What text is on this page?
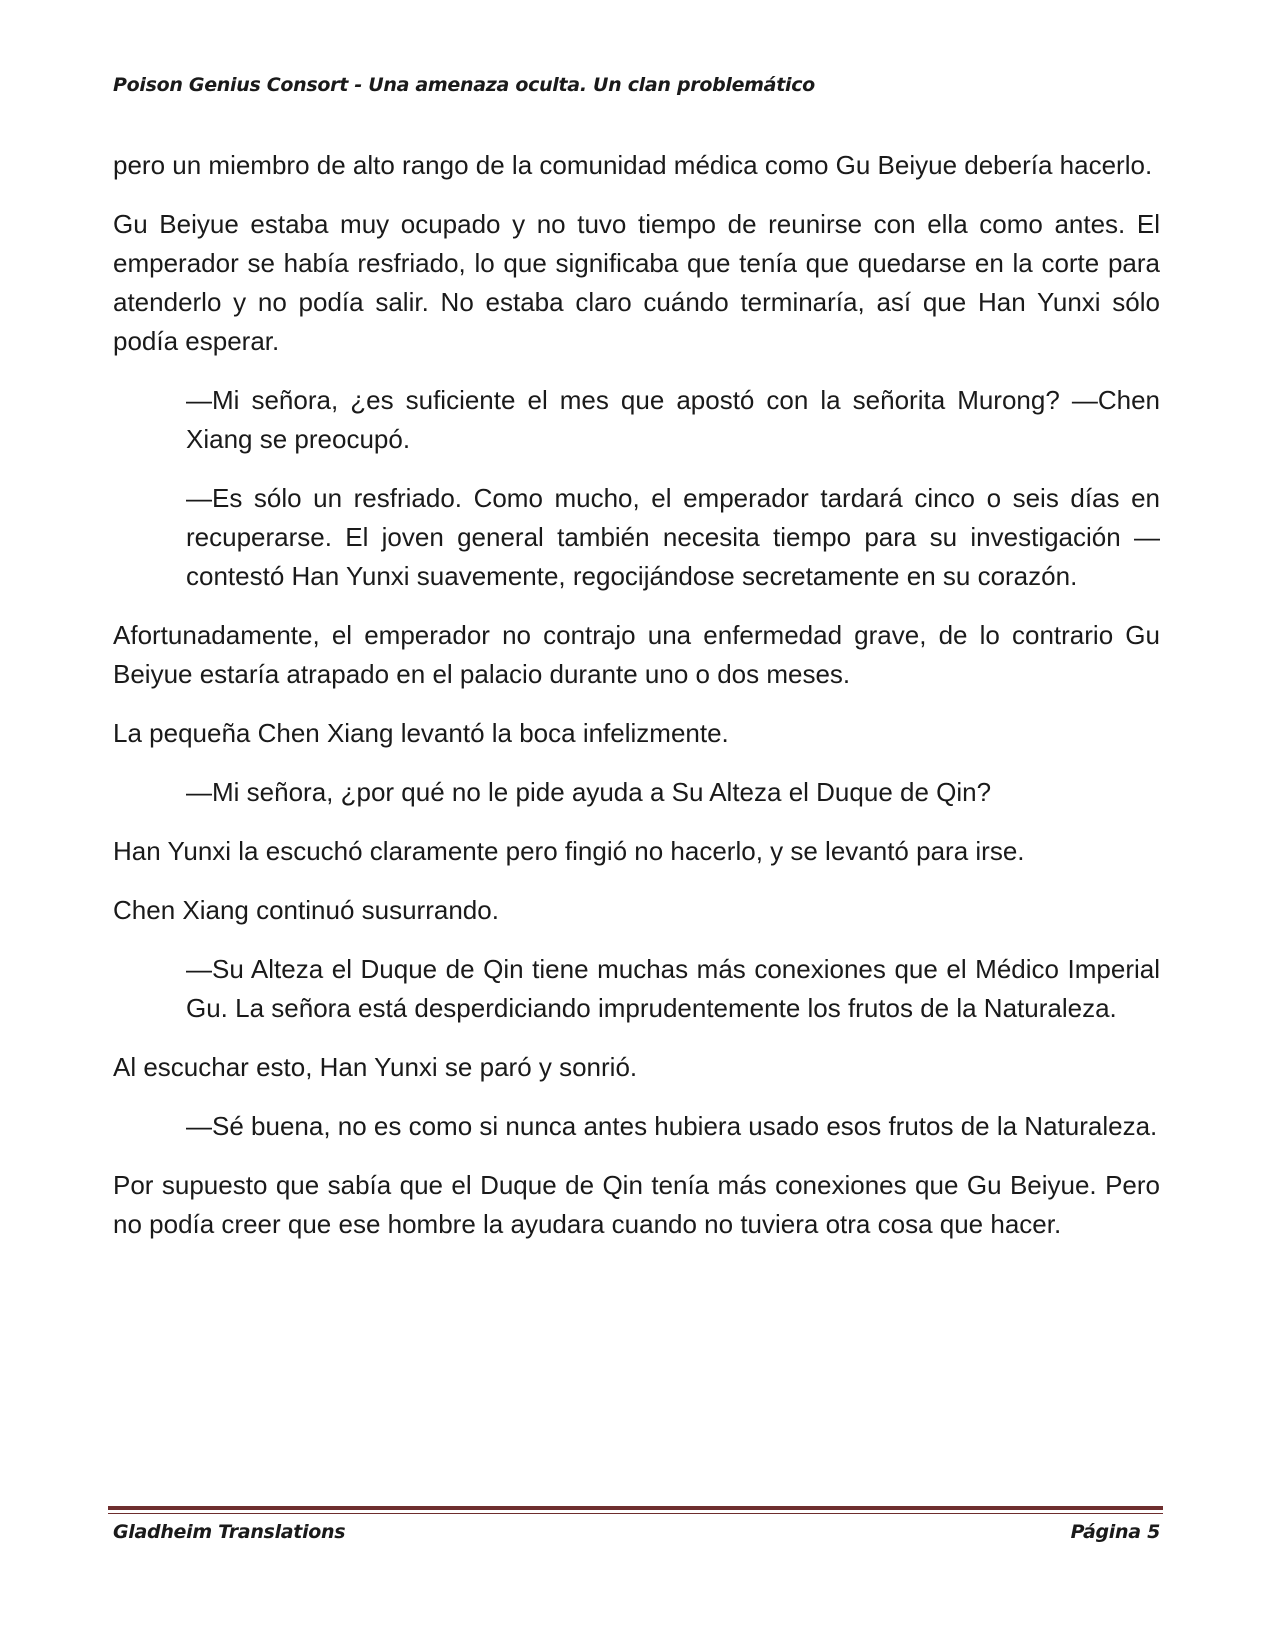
Poison Genius Consort - Una amenaza oculta. Un clan problemático

pero un miembro de alto rango de la comunidad médica como Gu Beiyue debería hacerlo.

Gu Beiyue estaba muy ocupado y no tuvo tiempo de reunirse con ella como antes. El emperador se había resfriado, lo que significaba que tenía que quedarse en la corte para atenderlo y no podía salir. No estaba claro cuándo terminaría, así que Han Yunxi sólo podía esperar.

—Mi señora, ¿es suficiente el mes que apostó con la señorita Murong? —Chen Xiang se preocupó.

—Es sólo un resfriado. Como mucho, el emperador tardará cinco o seis días en recuperarse. El joven general también necesita tiempo para su investigación —contestó Han Yunxi suavemente, regocijándose secretamente en su corazón.

Afortunadamente, el emperador no contrajo una enfermedad grave, de lo contrario Gu Beiyue estaría atrapado en el palacio durante uno o dos meses.

La pequeña Chen Xiang levantó la boca infelizmente.

—Mi señora, ¿por qué no le pide ayuda a Su Alteza el Duque de Qin?

Han Yunxi la escuchó claramente pero fingió no hacerlo, y se levantó para irse.

Chen Xiang continuó susurrando.

—Su Alteza el Duque de Qin tiene muchas más conexiones que el Médico Imperial Gu. La señora está desperdiciando imprudentemente los frutos de la Naturaleza.

Al escuchar esto, Han Yunxi se paró y sonrió.

—Sé buena, no es como si nunca antes hubiera usado esos frutos de la Naturaleza.

Por supuesto que sabía que el Duque de Qin tenía más conexiones que Gu Beiyue. Pero no podía creer que ese hombre la ayudara cuando no tuviera otra cosa que hacer.

Gladheim Translations	Página 5
